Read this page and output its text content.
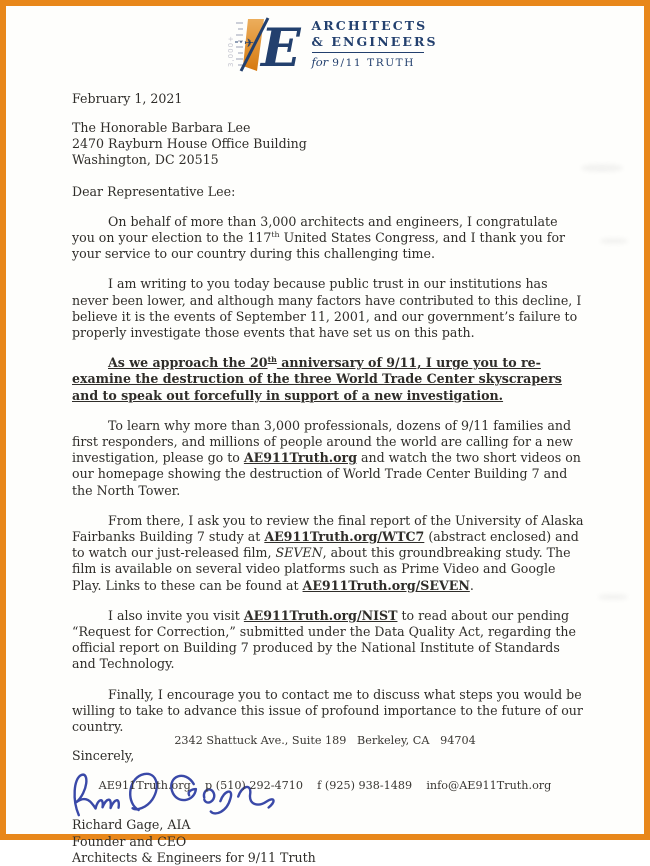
3,000+ ✈ E ARCHITECTS
& ENGINEERS
for 9/11 TRUTH
February 1, 2021
The Honorable Barbara Lee
2470 Rayburn House Office Building
Washington, DC 20515
Dear Representative Lee:

On behalf of more than 3,000 architects and engineers, I congratulate you on your election to the 117th United States Congress, and I thank you for your service to our country during this challenging time.

I am writing to you today because public trust in our institutions has never been lower, and although many factors have contributed to this decline, I believe it is the events of September 11, 2001, and our government’s failure to properly investigate those events that have set us on this path.

As we approach the 20th anniversary of 9/11, I urge you to re-examine the destruction of the three World Trade Center skyscrapers and to speak out forcefully in support of a new investigation.

To learn why more than 3,000 professionals, dozens of 9/11 families and first responders, and millions of people around the world are calling for a new investigation, please go to AE911Truth.org and watch the two short videos on our homepage showing the destruction of World Trade Center Building 7 and the North Tower.

From there, I ask you to review the final report of the University of Alaska Fairbanks Building 7 study at AE911Truth.org/WTC7 (abstract enclosed) and to watch our just-released film, SEVEN, about this groundbreaking study. The film is available on several video platforms such as Prime Video and Google Play. Links to these can be found at AE911Truth.org/SEVEN.

I also invite you visit AE911Truth.org/NIST to read about our pending “Request for Correction,” submitted under the Data Quality Act, regarding the official report on Building 7 produced by the National Institute of Standards and Technology.

Finally, I encourage you to contact me to discuss what steps you would be willing to take to advance this issue of profound importance to the future of our country.

Sincerely,
Richard Gage, AIA
Founder and CEO
Architects & Engineers for 9/11 Truth

2342 Shattuck Ave., Suite 189   Berkeley, CA   94704

AE911Truth.org    p (510) 292-4710    f (925) 938-1489    info@AE911Truth.org
